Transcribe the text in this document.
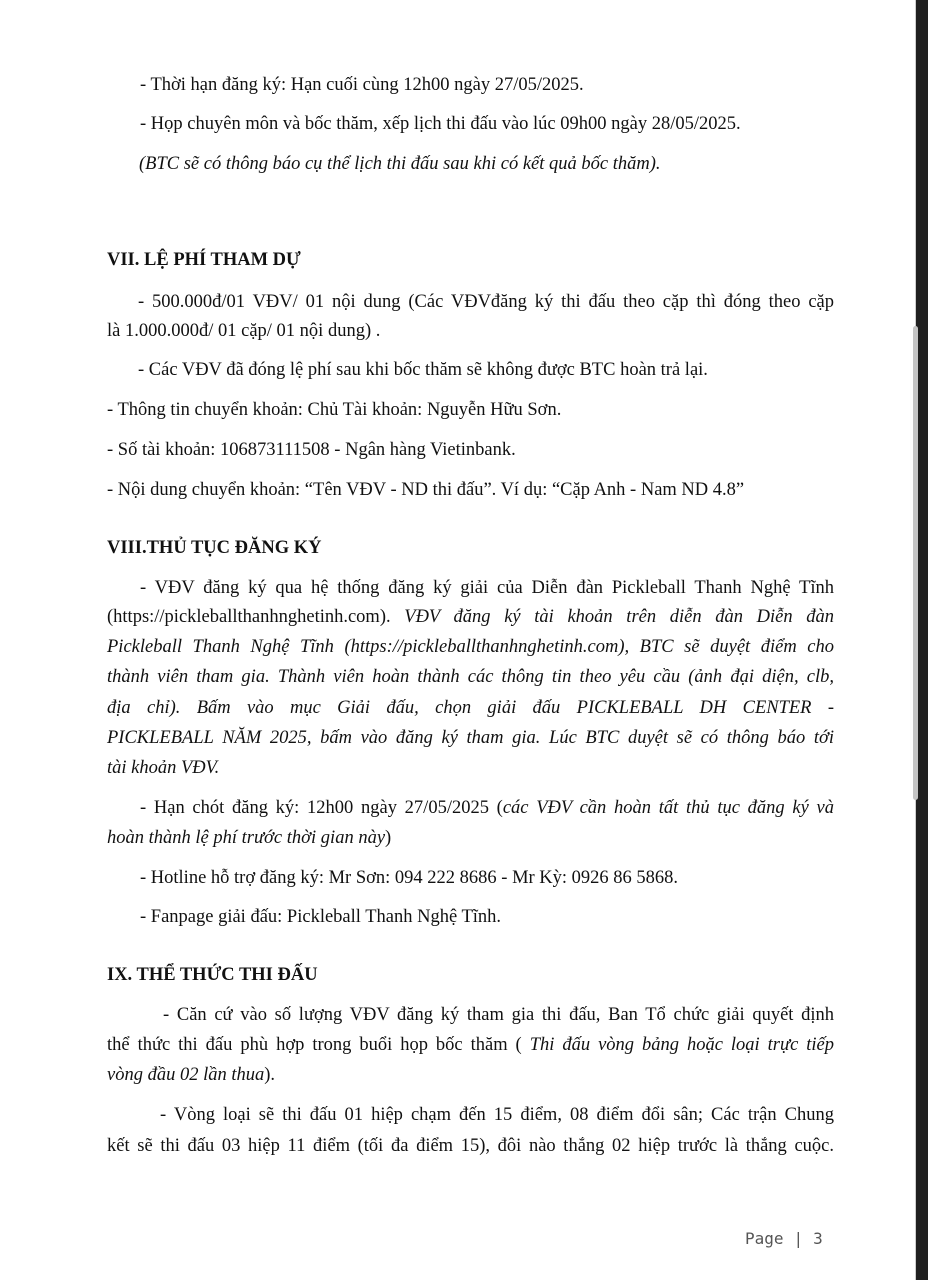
- Thời hạn đăng ký: Hạn cuối cùng 12h00 ngày 27/05/2025.
- Họp chuyên môn và bốc thăm, xếp lịch thi đấu vào lúc 09h00 ngày 28/05/2025.
(BTC sẽ có thông báo cụ thể lịch thi đấu sau khi có kết quả bốc thăm).
VII. LỆ PHÍ THAM DỰ
- 500.000đ/01 VĐV/ 01 nội dung (Các VĐVđăng ký thi đấu theo cặp thì đóng theo cặp
là 1.000.000đ/ 01 cặp/ 01 nội dung) .
- Các VĐV đã đóng lệ phí sau khi bốc thăm sẽ không được BTC hoàn trả lại.
- Thông tin chuyển khoản: Chủ Tài khoản: Nguyễn Hữu Sơn.
- Số tài khoản: 106873111508 - Ngân hàng Vietinbank.
- Nội dung chuyển khoản: “Tên VĐV - ND thi đấu”. Ví dụ: “Cặp Anh - Nam ND 4.8”
VIII.THỦ TỤC ĐĂNG KÝ
- VĐV đăng ký qua hệ thống đăng ký giải của Diễn đàn Pickleball Thanh Nghệ Tĩnh
(https://pickleballthanhnghetinh.com). VĐV đăng ký tài khoản trên diễn đàn Diễn đàn
Pickleball Thanh Nghệ Tĩnh (https://pickleballthanhnghetinh.com), BTC sẽ duyệt điểm cho
thành viên tham gia. Thành viên hoàn thành các thông tin theo yêu cầu (ảnh đại diện, clb,
địa chỉ). Bấm vào mục Giải đấu, chọn giải đấu PICKLEBALL DH CENTER -
PICKLEBALL NĂM 2025, bấm vào đăng ký tham gia. Lúc BTC duyệt sẽ có thông báo tới
tài khoản VĐV.
- Hạn chót đăng ký: 12h00 ngày 27/05/2025 (các VĐV cần hoàn tất thủ tục đăng ký và
hoàn thành lệ phí trước thời gian này)
- Hotline hỗ trợ đăng ký: Mr Sơn: 094 222 8686 - Mr Kỳ: 0926 86 5868.
- Fanpage giải đấu: Pickleball Thanh Nghệ Tĩnh.
IX. THỂ THỨC THI ĐẤU
- Căn cứ vào số lượng VĐV đăng ký tham gia thi đấu, Ban Tổ chức giải quyết định
thể thức thi đấu phù hợp trong buổi họp bốc thăm ( Thi đấu vòng bảng hoặc loại trực tiếp
vòng đầu 02 lần thua).
- Vòng loại sẽ thi đấu 01 hiệp chạm đến 15 điểm, 08 điểm đổi sân; Các trận Chung
kết sẽ thi đấu 03 hiệp 11 điểm (tối đa điểm 15), đôi nào thắng 02 hiệp trước là thắng cuộc.
Page | 3
